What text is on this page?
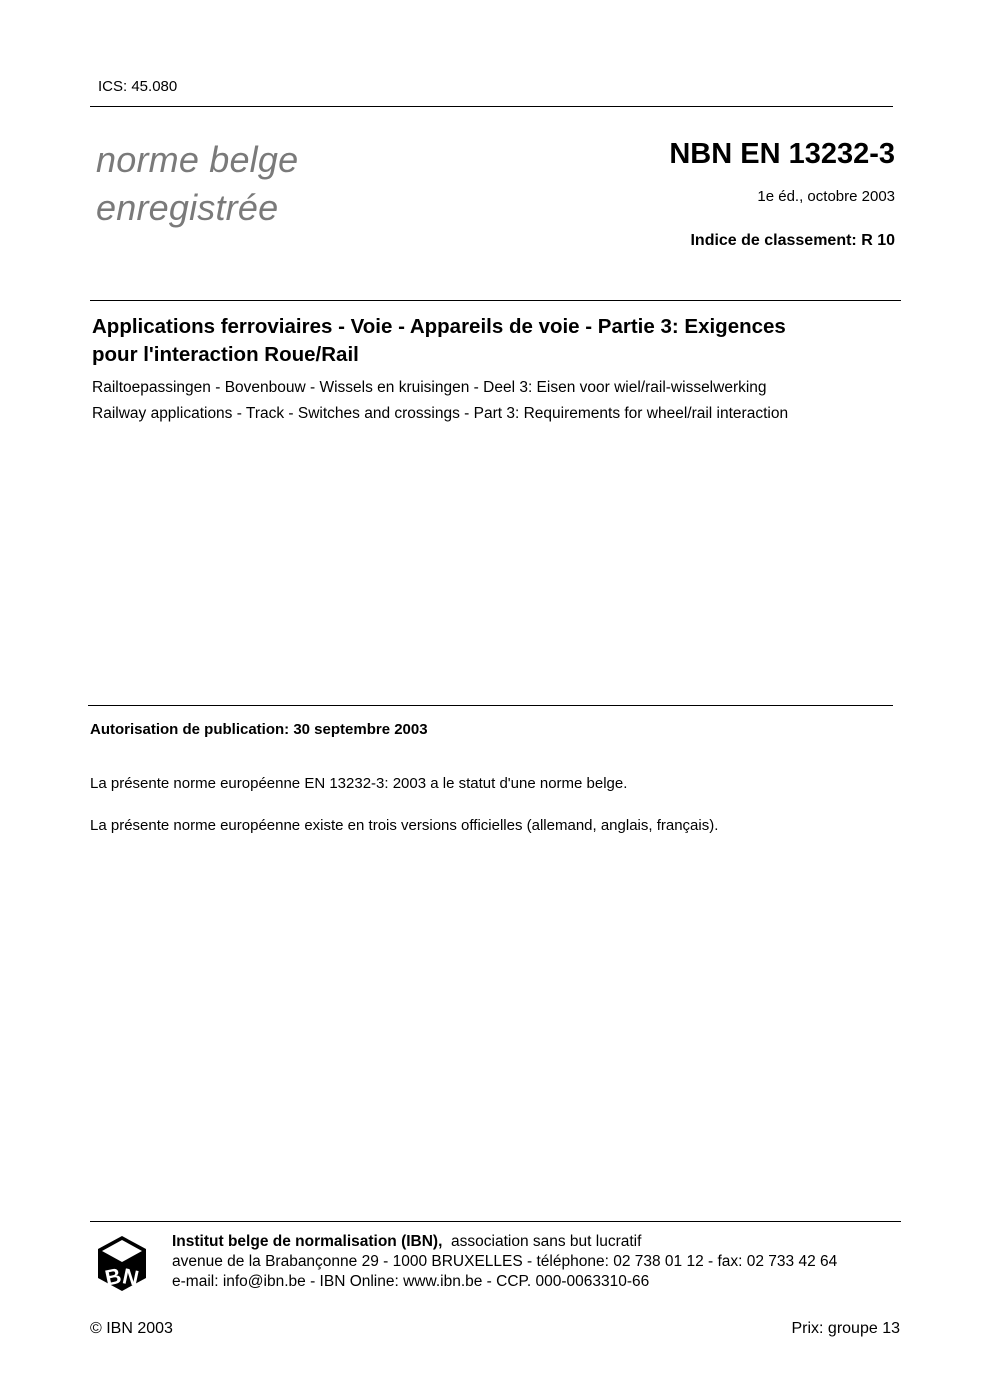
ICS: 45.080
norme belge
enregistrée
NBN EN 13232-3
1e éd., octobre 2003
Indice de classement: R 10
Applications ferroviaires - Voie - Appareils de voie - Partie 3: Exigences
pour l'interaction Roue/Rail
Railtoepassingen - Bovenbouw - Wissels en kruisingen - Deel 3: Eisen voor wiel/rail-wisselwerking
Railway applications - Track - Switches and crossings - Part 3: Requirements for wheel/rail interaction
Autorisation de publication: 30 septembre 2003
La présente norme européenne EN 13232-3: 2003 a le statut d'une norme belge.
La présente norme européenne existe en trois versions officielles (allemand, anglais, français).
B
N
Institut belge de normalisation (IBN), association sans but lucratif
avenue de la Brabançonne 29 - 1000 BRUXELLES - téléphone: 02 738 01 12 - fax: 02 733 42 64
e-mail: info@ibn.be - IBN Online: www.ibn.be - CCP. 000-0063310-66
© IBN 2003	Prix: groupe 13
